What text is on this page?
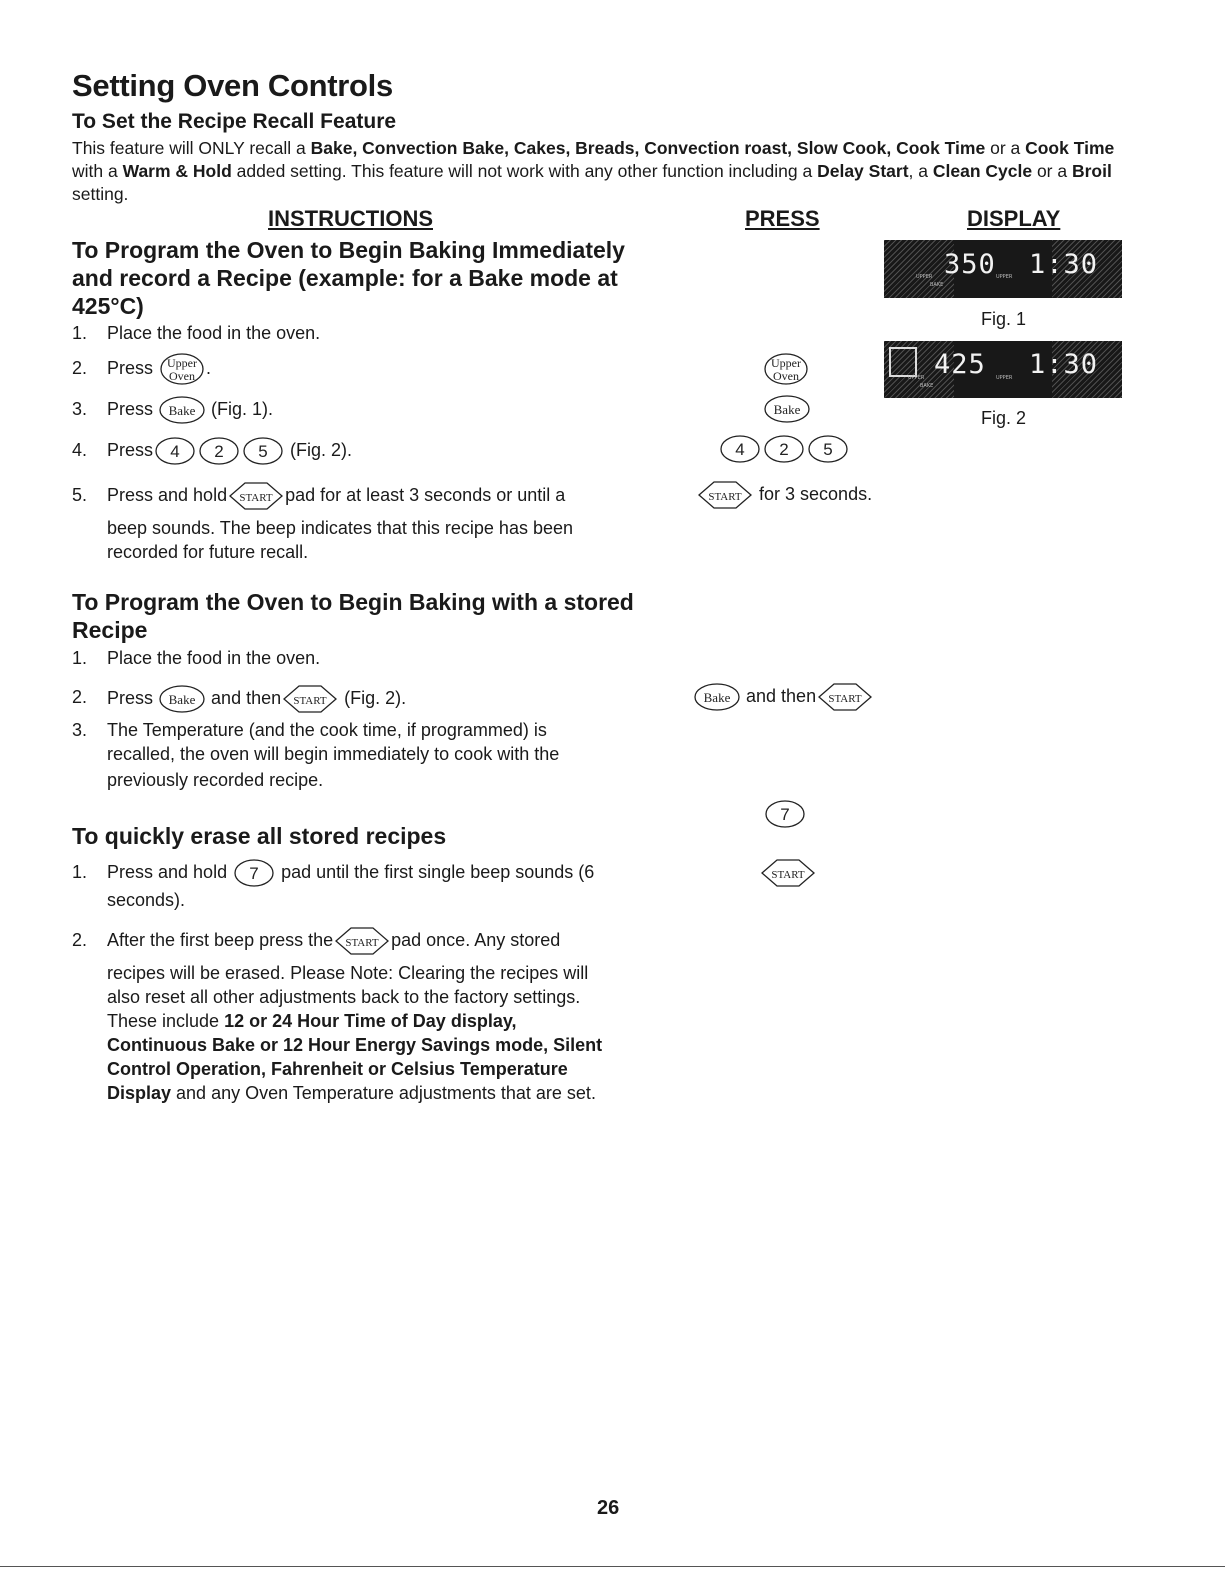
Setting Oven Controls
To Set the Recipe Recall Feature
This feature will ONLY recall a Bake, Convection Bake, Cakes, Breads, Convection roast, Slow Cook, Cook Time or a Cook Time with a Warm & Hold added setting. This feature will not work with any other function including a Delay Start, a Clean Cycle or a Broil setting.
INSTRUCTIONS	PRESS	DISPLAY
To Program the Oven to Begin Baking Immediately
and record a Recipe (example: for a Bake mode at
425°C)
1. Place the food in the oven.
2. Press Upper
Oven .
3. Press Bake (Fig. 1).
4. Press 4 2 5 (Fig. 2).
5. Press and hold START pad for at least 3 seconds or until a
beep sounds. The beep indicates that this recipe has been
recorded for future recall.
Upper
Oven
Bake
4 2 5
START for 3 seconds.
350 1:30
UPPER
BAKE
UPPER
Fig. 1
425 1:30
UPPER
BAKE
UPPER
Fig. 2
To Program the Oven to Begin Baking with a stored
Recipe
1. Place the food in the oven.
2. Press Bake and then START (Fig. 2).
3. The Temperature (and the cook time, if programmed) is
recalled, the oven will begin immediately to cook with the
previously recorded recipe.
Bake and then START
To quickly erase all stored recipes
1. Press and hold 7 pad until the first single beep sounds (6
seconds).
2. After the first beep press the START pad once. Any stored
recipes will be erased. Please Note: Clearing the recipes will
also reset all other adjustments back to the factory settings.
These include 12 or 24 Hour Time of Day display,
Continuous Bake or 12 Hour Energy Savings mode, Silent
Control Operation, Fahrenheit or Celsius Temperature
Display and any Oven Temperature adjustments that are set.
7
START
26
